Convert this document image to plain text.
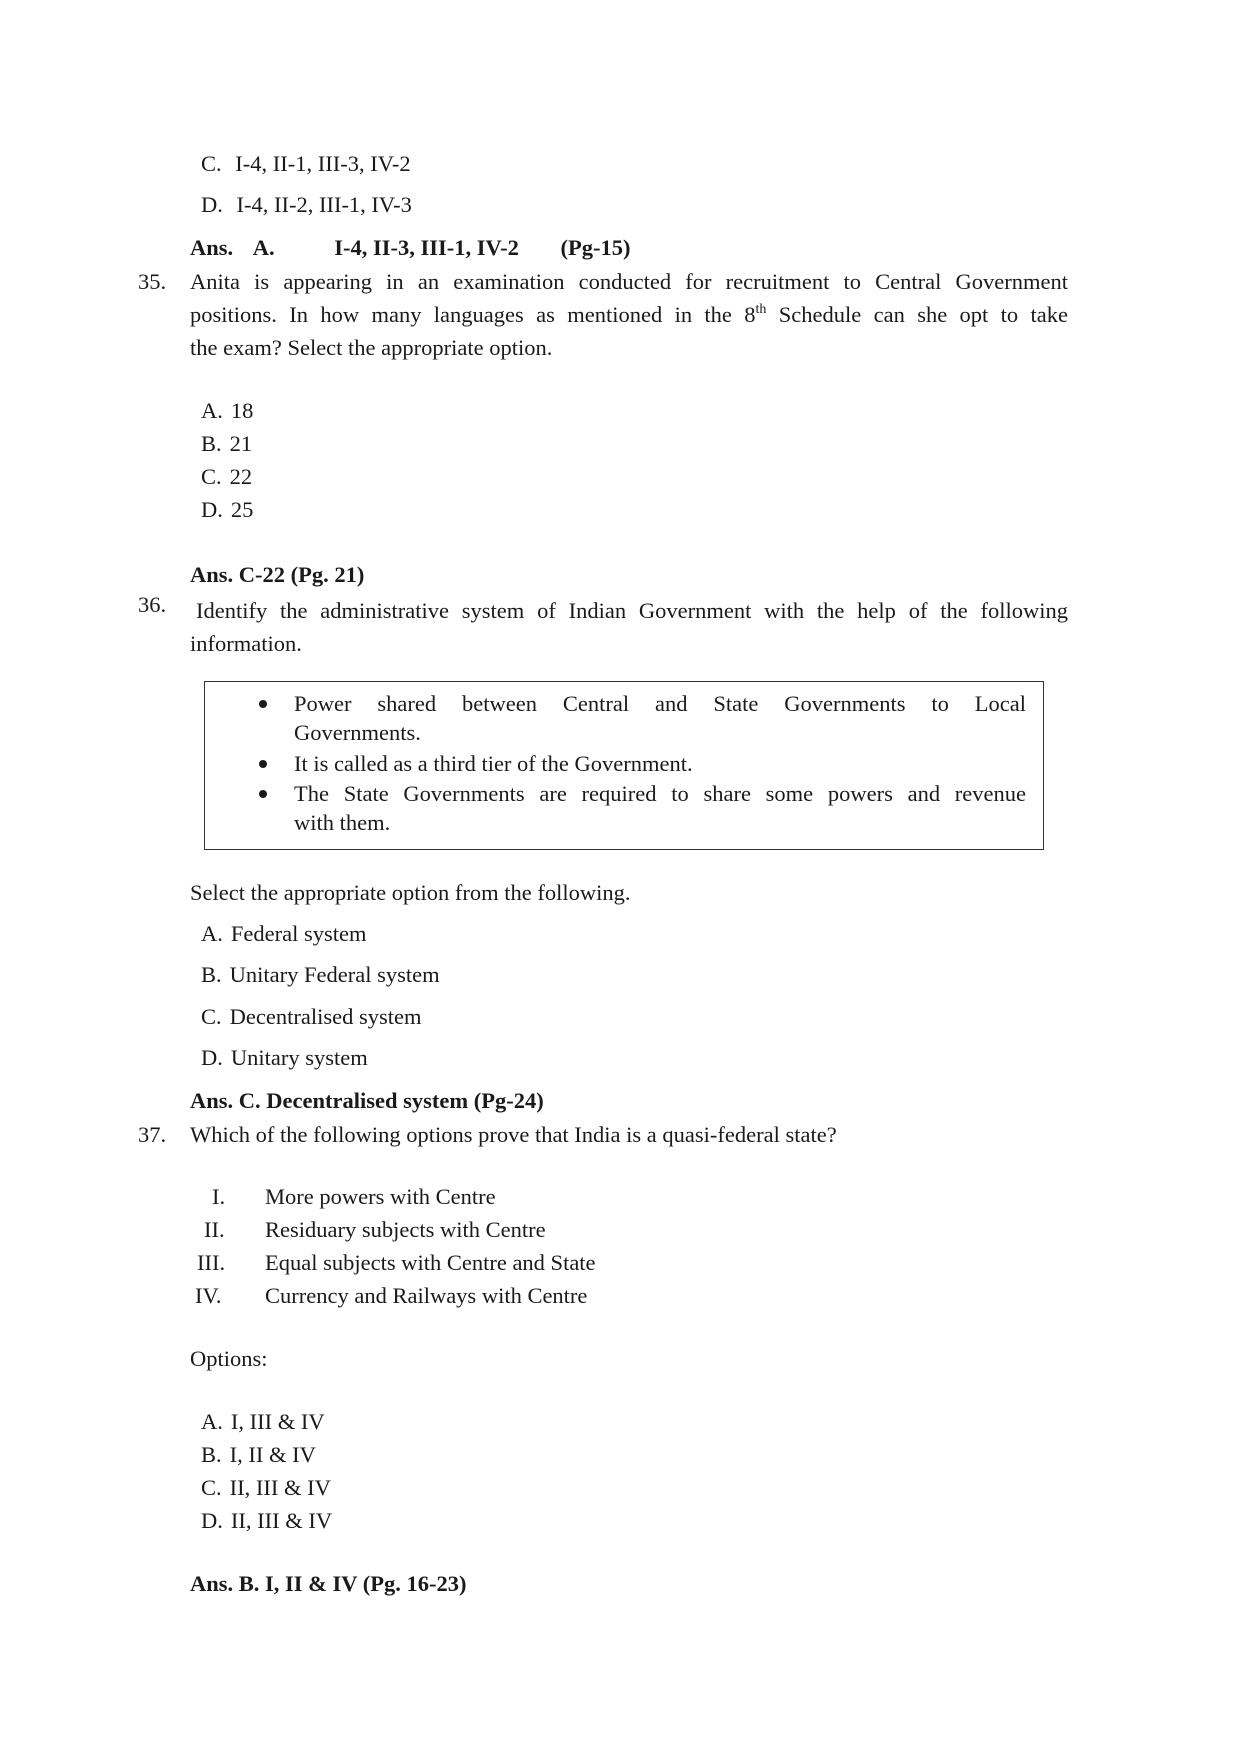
C. I-4, II-1, III-3, IV-2
D. I-4, II-2, III-1, IV-3
Ans. A.	I-4, II-3, III-1, IV-2 (Pg-15)
35. Anita is appearing in an examination conducted for recruitment to Central Government
positions. In how many languages as mentioned in the 8th Schedule can she opt to take
the exam? Select the appropriate option.
A. 18
B. 21
C. 22
D. 25
Ans. C-22 (Pg. 21)
36. Identify the administrative system of Indian Government with the help of the following
information.
Power shared between Central and State Governments to Local
Governments.
It is called as a third tier of the Government.
The State Governments are required to share some powers and revenue
with them.
Select the appropriate option from the following.
A. Federal system
B. Unitary Federal system
C. Decentralised system
D. Unitary system
Ans. C. Decentralised system (Pg-24)
37. Which of the following options prove that India is a quasi-federal state?
I. More powers with Centre
II. Residuary subjects with Centre
III. Equal subjects with Centre and State
IV. Currency and Railways with Centre
Options:
A. I, III & IV
B. I, II & IV
C. II, III & IV
D. II, III & IV
Ans. B. I, II & IV (Pg. 16-23)
